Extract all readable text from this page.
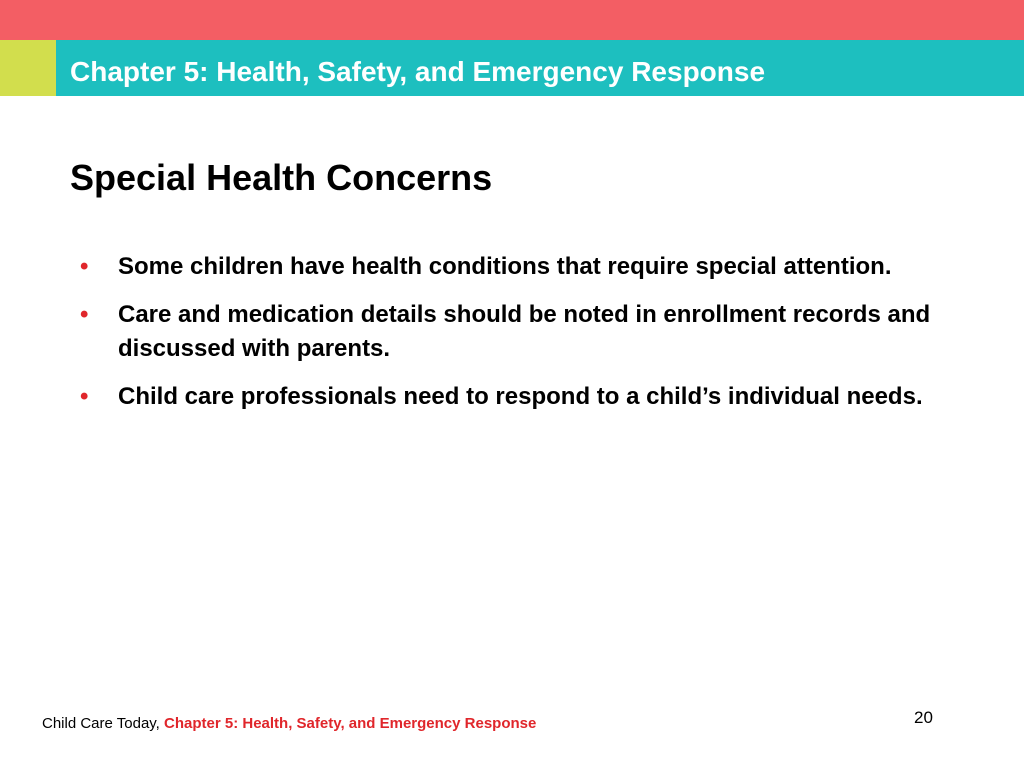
Chapter 5: Health, Safety, and Emergency Response
Special Health Concerns
• Some children have health conditions that require special attention.
• Care and medication details should be noted in enrollment records and discussed with parents.
• Child care professionals need to respond to a child’s individual needs.
Child Care Today, Chapter 5: Health, Safety, and Emergency Response	20
